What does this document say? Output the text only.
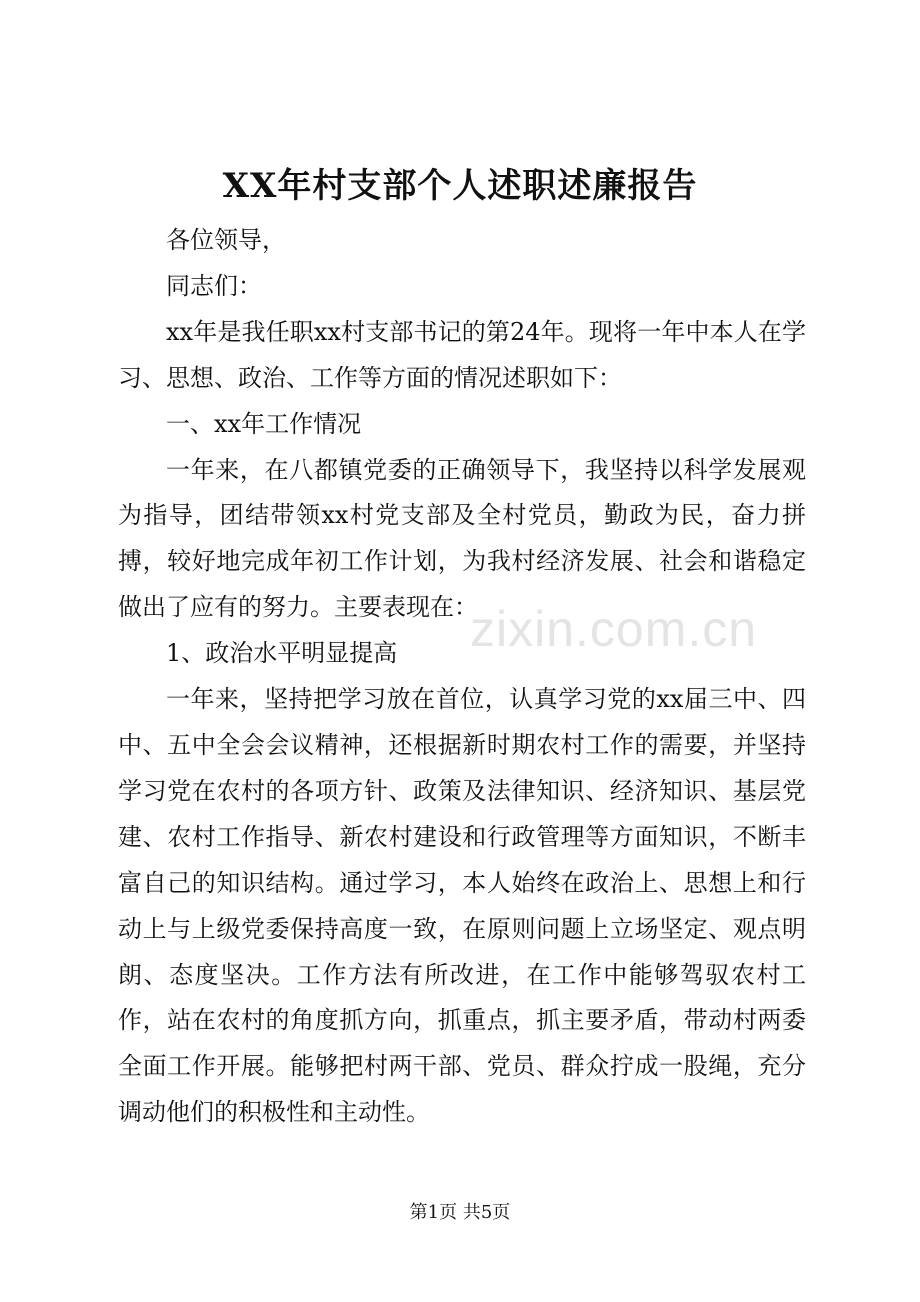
XX年村支部个人述职述廉报告

各位领导，

同志们：

xx年是我任职xx村支部书记的第24年。现将一年中本人在学习、思想、政治、工作等方面的情况述职如下：

一、xx年工作情况

一年来，在八都镇党委的正确领导下，我坚持以科学发展观为指导，团结带领xx村党支部及全村党员，勤政为民，奋力拼搏，较好地完成年初工作计划，为我村经济发展、社会和谐稳定做出了应有的努力。主要表现在：

1、政治水平明显提高

一年来，坚持把学习放在首位，认真学习党的xx届三中、四中、五中全会会议精神，还根据新时期农村工作的需要，并坚持学习党在农村的各项方针、政策及法律知识、经济知识、基层党建、农村工作指导、新农村建设和行政管理等方面知识，不断丰富自己的知识结构。通过学习，本人始终在政治上、思想上和行动上与上级党委保持高度一致，在原则问题上立场坚定、观点明朗、态度坚决。工作方法有所改进，在工作中能够驾驭农村工作，站在农村的角度抓方向，抓重点，抓主要矛盾，带动村两委全面工作开展。能够把村两干部、党员、群众拧成一股绳，充分调动他们的积极性和主动性。

zixin.com.cn
第1页 共5页
